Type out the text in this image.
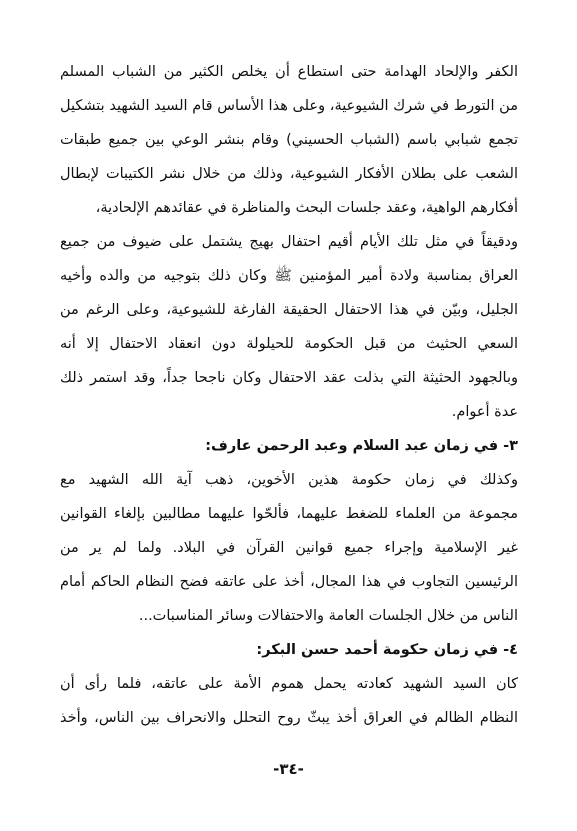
الكفر والإلحاد الهدامة حتى استطاع أن يخلص الكثير من الشباب المسلم
من التورط في شرك الشيوعية، وعلى هذا الأساس قام السيد الشهيد بتشكيل
تجمع شبابي باسم (الشباب الحسيني) وقام بنشر الوعي بين جميع طبقات
الشعب على بطلان الأفكار الشيوعية، وذلك من خلال نشر الكتيبات لإبطال
أفكارهم الواهية، وعقد جلسات البحث والمناظرة في عقائدهم الإلحادية،
ودقيقاً في مثل تلك الأيام أقيم احتفال بهيج يشتمل على ضيوف من جميع
العراق بمناسبة ولادة أمير المؤمنين ﷺ وكان ذلك بتوجيه من والده وأخيه
الجليل، وبيّن في هذا الاحتفال الحقيقة الفارغة للشيوعية، وعلى الرغم من
السعي الحثيث من قبل الحكومة للحيلولة دون انعقاد الاحتفال إلا أنه
وبالجهود الحثيثة التي بذلت عقد الاحتفال وكان ناجحا جداً، وقد استمر ذلك
عدة أعوام.
٣- في زمان عبد السلام وعبد الرحمن عارف:
وكذلك في زمان حكومة هذين الأخوين، ذهب آية الله الشهيد مع
مجموعة من العلماء للضغط عليهما، فألحّوا عليهما مطالبين بإلغاء القوانين
غير الإسلامية وإجراء جميع قوانين القرآن في البلاد. ولما لم ير من
الرئيسين التجاوب في هذا المجال، أخذ على عاتقه فضح النظام الحاكم أمام
الناس من خلال الجلسات العامة والاحتفالات وسائر المناسبات...
٤- في زمان حكومة أحمد حسن البكر:
كان السيد الشهيد كعادته يحمل هموم الأمة على عاتقه، فلما رأى أن
النظام الظالم في العراق أخذ يبثّ روح التحلل والانحراف بين الناس، وأخذ
-٣٤-
